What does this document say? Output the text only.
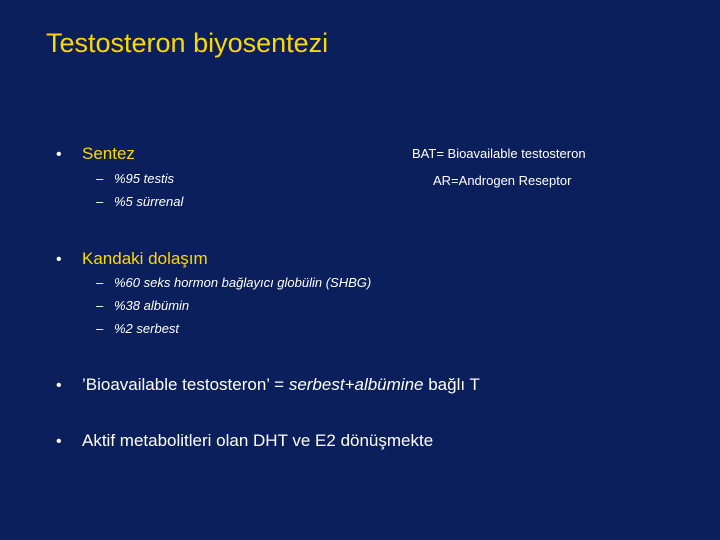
Testosteron biyosentezi
•	Sentez
– %95 testis
– %5 sürrenal
BAT= Bioavailable testosteron
AR=Androgen Reseptor
•	Kandaki dolaşım
– %60 seks hormon bağlayıcı globülin (SHBG)
– %38 albümin
– %2 serbest
•	’Bioavailable testosteron’ = serbest+albümine bağlı T
•	Aktif metabolitleri olan DHT ve E2 dönüşmekte
